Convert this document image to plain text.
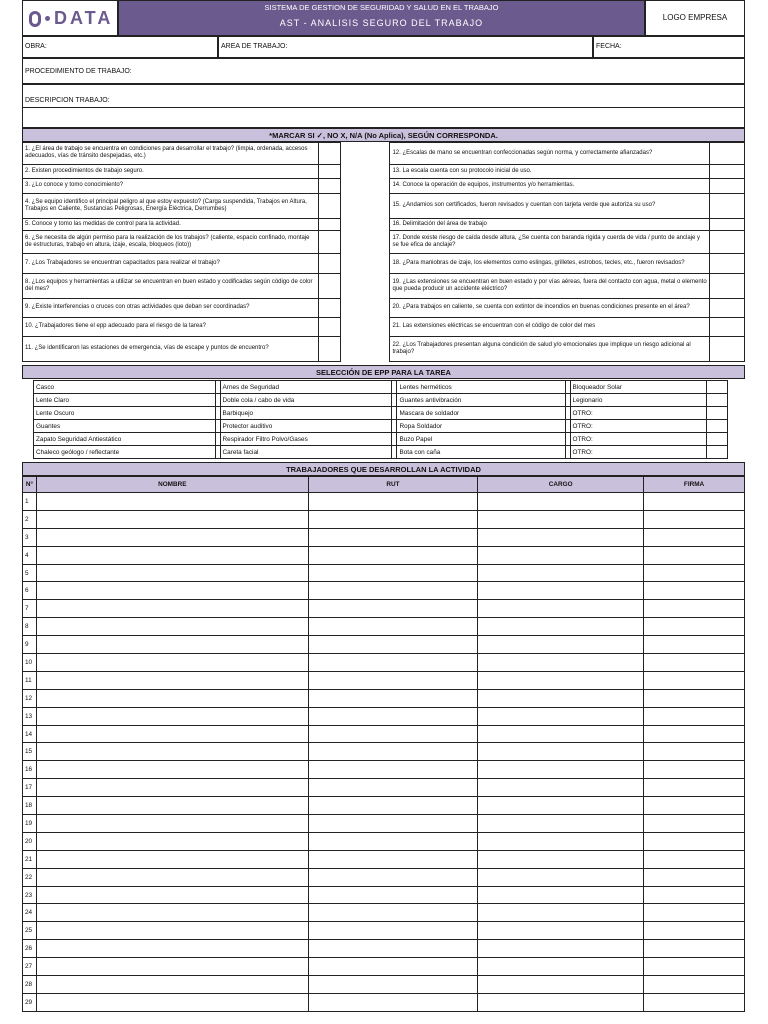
DATA
SISTEMA DE GESTION DE SEGURIDAD Y SALUD EN EL TRABAJO
AST - ANALISIS SEGURO DEL TRABAJO
LOGO EMPRESA
OBRA:	AREA DE TRABAJO:	FECHA:
PROCEDIMIENTO DE TRABAJO:
DESCRIPCION TRABAJO:
*MARCAR SI ✓, NO X, N/A (No Aplica), SEGÚN CORRESPONDA.
1. ¿El área de trabajo se encuentra en condiciones para desarrollar el trabajo? (limpia, ordenada, accesos adecuados, vías de tránsito despejadas, etc.)			12. ¿Escalas de mano se encuentran confeccionadas según norma, y correctamente afianzadas?	
2. Existen procedimientos de trabajo seguro.			13. La escala cuenta con su protocolo inicial de uso.	
3. ¿Lo conoce y tomo conocimiento?			14. Conoce la operación de equipos, instrumentos y/o herramientas.	
4. ¿Se equipo identifico el principal peligro al que estoy expuesto? (Carga suspendida, Trabajos en Altura, Trabajos en Caliente, Sustancias Peligrosas, Energía Eléctrica, Derrumbes)			15. ¿Andamios son certificados, fueron revisados y cuentan con tarjeta verde que autoriza su uso?	
5. Conoce y tomo las medidas de control para la actividad.			16. Delimitación del área de trabajo	
6. ¿Se necesita de algún permiso para la realización de los trabajos? (caliente, espacio confinado, montaje de estructuras, trabajo en altura, izaje, escala, bloqueos (loto))			17. Donde existe riesgo de caída desde altura, ¿Se cuenta con baranda rígida y cuerda de vida / punto de anclaje y se fue efica de anclaje?	
7. ¿Los Trabajadores se encuentran capacitados para realizar el trabajo?			18. ¿Para maniobras de izaje, los elementos como eslingas, grilletes, estrobos, tecles, etc., fueron revisados?	
8. ¿Los equipos y herramientas a utilizar se encuentran en buen estado y codificadas según código de color del mes?			19. ¿Las extensiones se encuentran en buen estado y por vías aéreas, fuera del contacto con agua, metal o elemento que pueda producir un accidente eléctrico?	
9. ¿Existe interferencias o cruces con otras actividades que deban ser coordinadas?			20. ¿Para trabajos en caliente, se cuenta con extintor de incendios en buenas condiciones presente en el área?	
10. ¿Trabajadores tiene el epp adecuado para el riesgo de la tarea?			21. Las extensiones eléctricas se encuentran con el código de color del mes	
11. ¿Se identificaron las estaciones de emergencia, vías de escape y puntos de encuentro?			22. ¿Los Trabajadores presentan alguna condición de salud y/o emocionales que implique un riesgo adicional al trabajo?	
SELECCIÓN DE EPP PARA LA TAREA
Casco		Arnes de Seguridad		Lentes herméticos		Bloqueador Solar	
Lente Claro		Doble cola / cabo de vida		Guantes antivibración		Legionario	
Lente Oscuro		Barbiquejo		Mascara de soldador		OTRO:	
Guantes		Protector auditivo		Ropa Soldador		OTRO:	
Zapato Seguridad Antiestático		Respirador Filtro Polvo/Gases		Buzo Papel		OTRO:	
Chaleco geólogo / reflectante		Careta facial		Bota con caña		OTRO:	
TRABAJADORES QUE DESARROLLAN LA ACTIVIDAD
N°	NOMBRE	RUT	CARGO	FIRMA
1				
2				
3				
4				
5				
6				
7				
8				
9				
10				
11				
12				
13				
14				
15				
16				
17				
18				
19				
20				
21				
22				
23				
24				
25				
26				
27				
28				
29				
